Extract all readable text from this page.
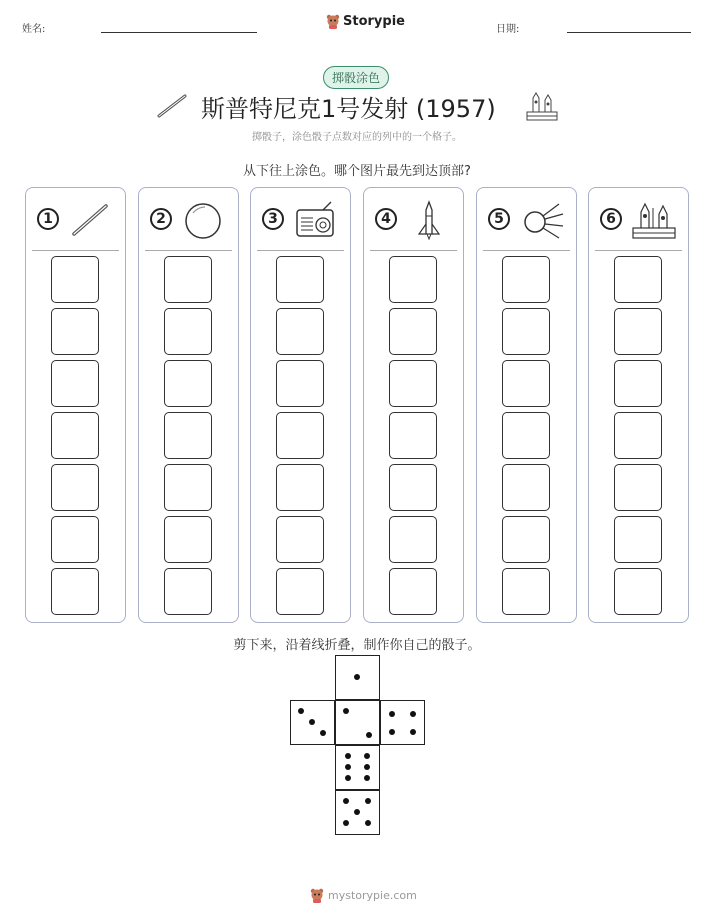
姓名:
Storypie
日期:
掷骰涂色
斯普特尼克1号发射 (1957)
掷骰子，涂色骰子点数对应的列中的一个格子。
从下往上涂色。哪个图片最先到达顶部?
1	2	3	4	5	6
剪下来，沿着线折叠，制作你自己的骰子。
mystorypie.com
